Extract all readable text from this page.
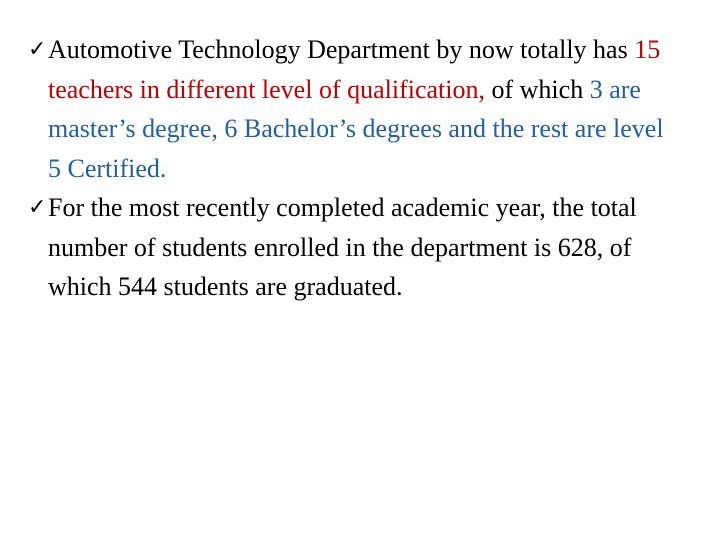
✓ Automotive Technology Department by now totally has 15 teachers in different level of qualification, of which 3 are master’s degree, 6 Bachelor’s degrees and the rest are level 5 Certified.
✓ For the most recently completed academic year, the total number of students enrolled in the department is 628, of which 544 students are graduated.
